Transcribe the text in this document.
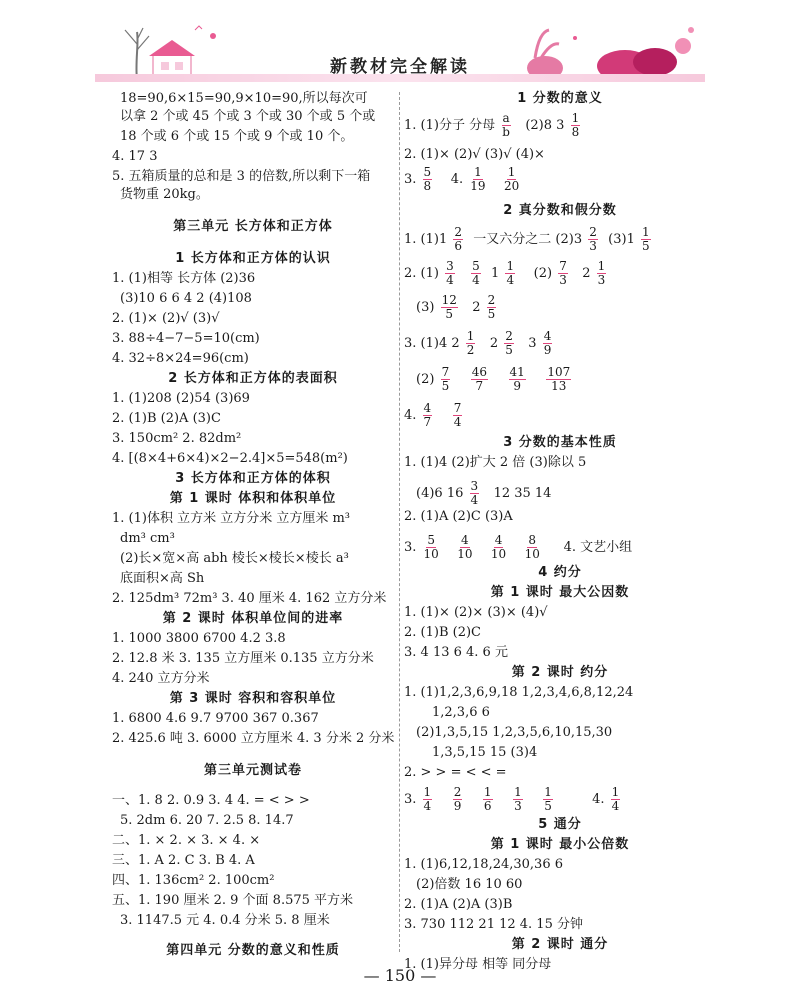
新教材完全解读
18=90,6×15=90,9×10=90,所以每次可
以拿 2 个或 45 个或 3 个或 30 个或 5 个或
18 个或 6 个或 15 个或 9 个或 10 个。
4. 17 3
5. 五箱质量的总和是 3 的倍数,所以剩下一箱
货物重 20kg。
第三单元 长方体和正方体
1 长方体和正方体的认识
1. (1)相等 长方体 (2)36
(3)10 6 6 4 2 (4)108
2. (1)× (2)√ (3)√
3. 88÷4−7−5=10(cm)
4. 32÷8×24=96(cm)
2 长方体和正方体的表面积
1. (1)208 (2)54 (3)69
2. (1)B (2)A (3)C
3. 150cm² 2. 82dm²
4. [(8×4+6×4)×2−2.4]×5=548(m²)
3 长方体和正方体的体积
第 1 课时 体积和体积单位
1. (1)体积 立方米 立方分米 立方厘米 m³
dm³ cm³
(2)长×宽×高 abh 棱长×棱长×棱长 a³
底面积×高 Sh
2. 125dm³ 72m³ 3. 40 厘米 4. 162 立方分米
第 2 课时 体积单位间的进率
1. 1000 3800 6700 4.2 3.8
2. 12.8 米 3. 135 立方厘米 0.135 立方分米
4. 240 立方分米
第 3 课时 容积和容积单位
1. 6800 4.6 9.7 9700 367 0.367
2. 425.6 吨 3. 6000 立方厘米 4. 3 分米 2 分米
第三单元测试卷
一、1. 8 2. 0.9 3. 4 4. = < > >
5. 2dm 6. 20 7. 2.5 8. 14.7
二、1. × 2. × 3. × 4. ×
三、1. A 2. C 3. B 4. A
四、1. 136cm² 2. 100cm²
五、1. 190 厘米 2. 9 个面 8.575 平方米
3. 1147.5 元 4. 0.4 分米 5. 8 厘米
第四单元 分数的意义和性质
1 分数的意义
1. (1)分子 分母 $\frac{a}{b} (2)8$ $3 \frac{1}{8}$
2. (1)× (2)√ (3)√ (4)×
3. $\frac{5}{8} 4$. $\frac{1}{19}$
$\frac{1}{20}$
2 真分数和假分数
1. $(1)1 \frac{2}{6}$ 一又六分之二 $(2)3 \frac{2}{3} (3)1 \frac{1}{5}$
2. $(1) \frac{3}{4}$
$\frac{5}{4} 1 \frac{1}{4} (2) \frac{7}{3} 2 \frac{1}{3}$
$(3) \frac{12}{5} 2 \frac{2}{5}$
3. (1)4 $2 \frac{1}{2} 2 \frac{2}{5} 3 \frac{4}{9}$
$(2) \frac{7}{5}$
$\frac{46}{7}$
$\frac{41}{9}$
$\frac{107}{13}$
4. $\frac{4}{7}$
$\frac{7}{4}$
3 分数的基本性质
1. (1)4 (2)扩大 2 倍 (3)除以 5
(4)6 $16 \frac{3}{4} 12$ 35 14
2. (1)A (2)C (3)A
3. $\frac{5}{10}$
$\frac{4}{10}$
$\frac{4}{10}$
$\frac{8}{10} 4$. 文艺小组
4 约分
第 1 课时 最大公因数
1. (1)× (2)× (3)× (4)√
2. (1)B (2)C
3. 4 13 6 4. 6 元
第 2 课时 约分
1. (1)1,2,3,6,9,18 1,2,3,4,6,8,12,24
1,2,3,6 6
(2)1,3,5,15 1,2,3,5,6,10,15,30
1,3,5,15 15 (3)4
2. > > = < < =
3. $\frac{1}{4}$
$\frac{2}{9}$
$\frac{1}{6}$
$\frac{1}{3}$
$\frac{1}{5}$	4. $\frac{1}{4}$
5 通分
第 1 课时 最小公倍数
1. (1)6,12,18,24,30,36 6
(2)倍数 16 10 60
2. (1)A (2)A (3)B
3. 730 112 21 12 4. 15 分钟
第 2 课时 通分
1. (1)异分母 相等 同分母
— 150 —
